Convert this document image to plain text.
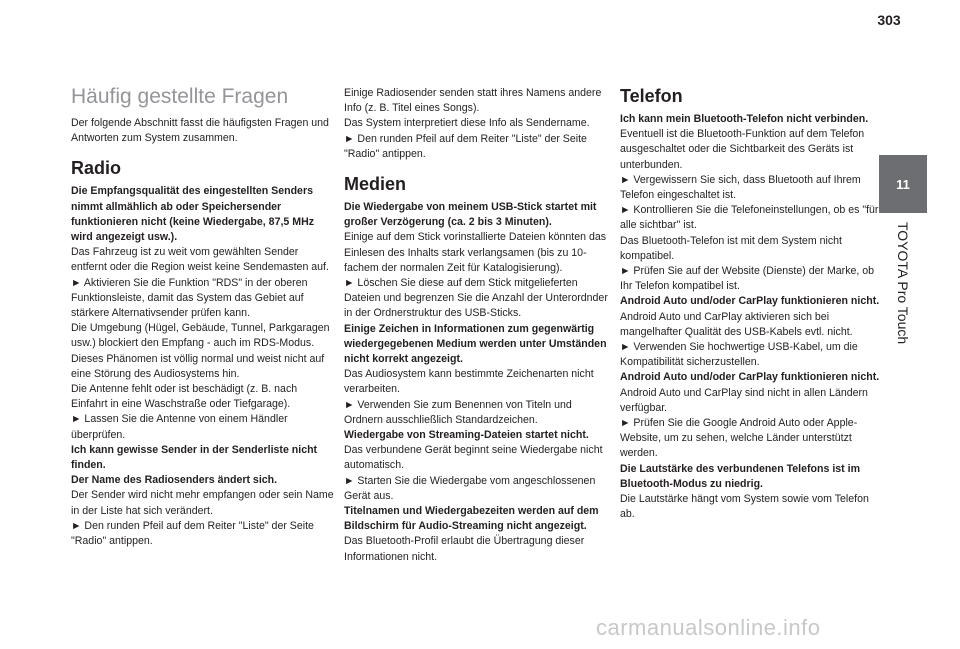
303
11
TOYOTA Pro Touch
Häufig gestellte Fragen

Der folgende Abschnitt fasst die häufigsten Fragen und Antworten zum System zusammen.

Radio

Die Empfangsqualität des eingestellten Senders nimmt allmählich ab oder Speichersender funktionieren nicht (keine Wiedergabe, 87,5 MHz wird angezeigt usw.).

Das Fahrzeug ist zu weit vom gewählten Sender entfernt oder die Region weist keine Sendemasten auf.

► Aktivieren Sie die Funktion "RDS" in der oberen Funktionsleiste, damit das System das Gebiet auf stärkere Alternativsender prüfen kann.

Die Umgebung (Hügel, Gebäude, Tunnel, Parkgaragen usw.) blockiert den Empfang - auch im RDS-Modus.

Dieses Phänomen ist völlig normal und weist nicht auf eine Störung des Audiosystems hin.

Die Antenne fehlt oder ist beschädigt (z. B. nach Einfahrt in eine Waschstraße oder Tiefgarage).

► Lassen Sie die Antenne von einem Händler überprüfen.

Ich kann gewisse Sender in der Senderliste nicht finden.

Der Name des Radiosenders ändert sich.

Der Sender wird nicht mehr empfangen oder sein Name in der Liste hat sich verändert.

► Den runden Pfeil auf dem Reiter "Liste" der Seite "Radio" antippen.

Einige Radiosender senden statt ihres Namens andere Info (z. B. Titel eines Songs).

Das System interpretiert diese Info als Sendername.

► Den runden Pfeil auf dem Reiter "Liste" der Seite "Radio" antippen.

Medien

Die Wiedergabe von meinem USB-Stick startet mit großer Verzögerung (ca. 2 bis 3 Minuten).

Einige auf dem Stick vorinstallierte Dateien könnten das Einlesen des Inhalts stark verlangsamen (bis zu 10-fachem der normalen Zeit für Katalogisierung).

► Löschen Sie diese auf dem Stick mitgelieferten Dateien und begrenzen Sie die Anzahl der Unterordnder in der Ordnerstruktur des USB-Sticks.

Einige Zeichen in Informationen zum gegenwärtig wiedergegebenen Medium werden unter Umständen nicht korrekt angezeigt.

Das Audiosystem kann bestimmte Zeichenarten nicht verarbeiten.

► Verwenden Sie zum Benennen von Titeln und Ordnern ausschließlich Standardzeichen.

Wiedergabe von Streaming-Dateien startet nicht.

Das verbundene Gerät beginnt seine Wiedergabe nicht automatisch.

► Starten Sie die Wiedergabe vom angeschlossenen Gerät aus.

Titelnamen und Wiedergabezeiten werden auf dem Bildschirm für Audio-Streaming nicht angezeigt.

Das Bluetooth-Profil erlaubt die Übertragung dieser Informationen nicht.

Telefon

Ich kann mein Bluetooth-Telefon nicht verbinden.

Eventuell ist die Bluetooth-Funktion auf dem Telefon ausgeschaltet oder die Sichtbarkeit des Geräts ist unterbunden.

► Vergewissern Sie sich, dass Bluetooth auf Ihrem Telefon eingeschaltet ist.

► Kontrollieren Sie die Telefoneinstellungen, ob es "für alle sichtbar" ist.

Das Bluetooth-Telefon ist mit dem System nicht kompatibel.

► Prüfen Sie auf der Website (Dienste) der Marke, ob Ihr Telefon kompatibel ist.

Android Auto und/oder CarPlay funktionieren nicht.

Android Auto und CarPlay aktivieren sich bei mangelhafter Qualität des USB-Kabels evtl. nicht.

► Verwenden Sie hochwertige USB-Kabel, um die Kompatibilität sicherzustellen.

Android Auto und/oder CarPlay funktionieren nicht.

Android Auto und CarPlay sind nicht in allen Ländern verfügbar.

► Prüfen Sie die Google Android Auto oder Apple-Website, um zu sehen, welche Länder unterstützt werden.

Die Lautstärke des verbundenen Telefons ist im Bluetooth-Modus zu niedrig.

Die Lautstärke hängt vom System sowie vom Telefon ab.

carmanualsonline.info
